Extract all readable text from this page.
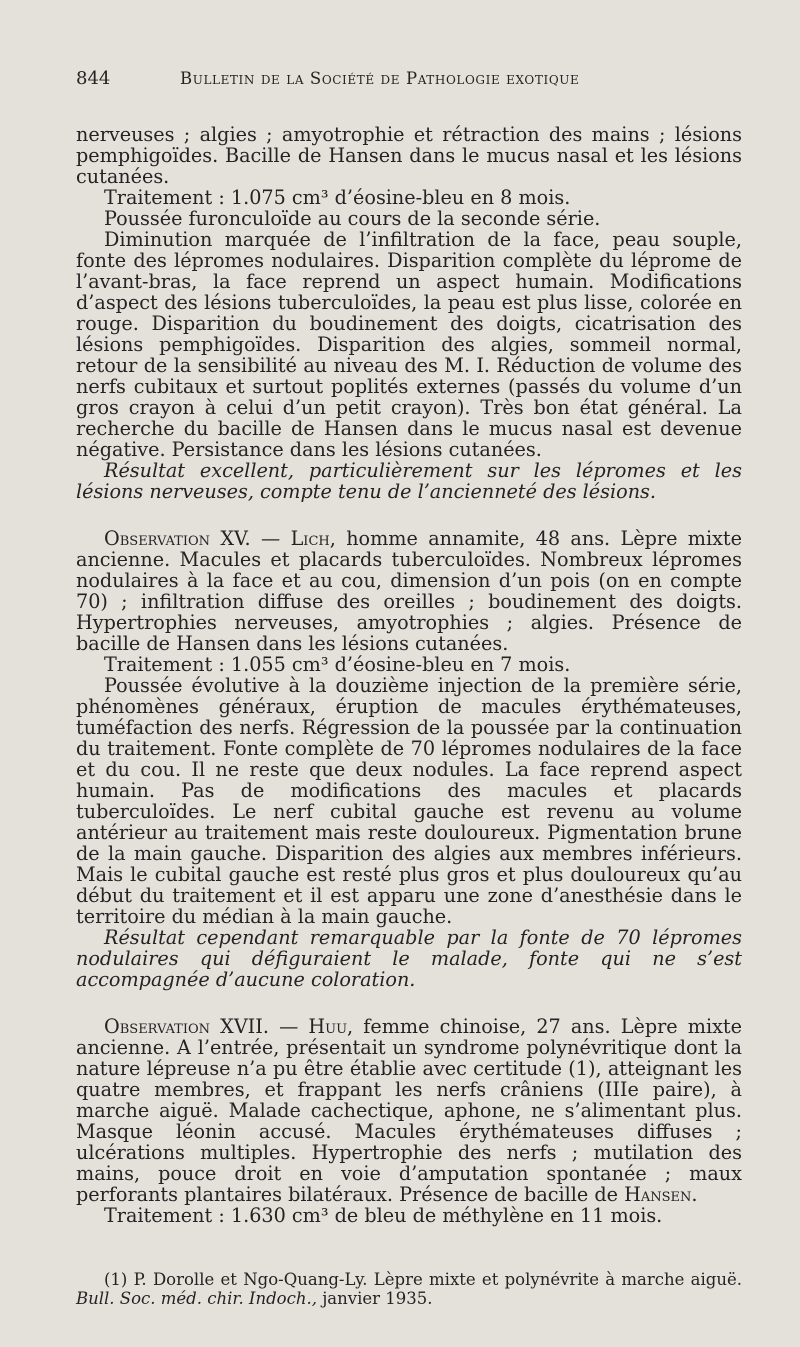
844	Bulletin de la Société de Pathologie exotique

nerveuses ; algies ; amyotrophie et rétraction des mains ; lésions pemphigoïdes. Bacille de Hansen dans le mucus nasal et les lésions cutanées.

Traitement : 1.075 cm³ d’éosine-bleu en 8 mois.

Poussée furonculoïde au cours de la seconde série.

Diminution marquée de l’infiltration de la face, peau souple, fonte des lépromes nodulaires. Disparition complète du léprome de l’avant-bras, la face reprend un aspect humain. Modifications d’aspect des lésions tuberculoïdes, la peau est plus lisse, colorée en rouge. Disparition du boudinement des doigts, cicatrisation des lésions pemphigoïdes. Disparition des algies, sommeil normal, retour de la sensibilité au niveau des M. I. Réduction de volume des nerfs cubitaux et surtout poplités externes (passés du volume d’un gros crayon à celui d’un petit crayon). Très bon état général. La recherche du bacille de Hansen dans le mucus nasal est devenue négative. Persistance dans les lésions cutanées.

Résultat excellent, particulièrement sur les lépromes et les lésions nerveuses, compte tenu de l’ancienneté des lésions.

Observation XV. — Lich, homme annamite, 48 ans. Lèpre mixte ancienne. Macules et placards tuberculoïdes. Nombreux lépromes nodulaires à la face et au cou, dimension d’un pois (on en compte 70) ; infiltration diffuse des oreilles ; boudinement des doigts. Hypertrophies nerveuses, amyotrophies ; algies. Présence de bacille de Hansen dans les lésions cutanées.

Traitement : 1.055 cm³ d’éosine-bleu en 7 mois.

Poussée évolutive à la douzième injection de la première série, phénomènes généraux, éruption de macules érythémateuses, tuméfaction des nerfs. Régression de la poussée par la continuation du traitement. Fonte complète de 70 lépromes nodulaires de la face et du cou. Il ne reste que deux nodules. La face reprend aspect humain. Pas de modifications des macules et placards tuberculoïdes. Le nerf cubital gauche est revenu au volume antérieur au traitement mais reste douloureux. Pigmentation brune de la main gauche. Disparition des algies aux membres inférieurs. Mais le cubital gauche est resté plus gros et plus douloureux qu’au début du traitement et il est apparu une zone d’anesthésie dans le territoire du médian à la main gauche.

Résultat cependant remarquable par la fonte de 70 lépromes nodulaires qui défiguraient le malade, fonte qui ne s’est accompagnée d’aucune coloration.

Observation XVII. — Huu, femme chinoise, 27 ans. Lèpre mixte ancienne. A l’entrée, présentait un syndrome polynévritique dont la nature lépreuse n’a pu être établie avec certitude (1), atteignant les quatre membres, et frappant les nerfs crâniens (IIIe paire), à marche aiguë. Malade cachectique, aphone, ne s’alimentant plus. Masque léonin accusé. Macules érythémateuses diffuses ; ulcérations multiples. Hypertrophie des nerfs ; mutilation des mains, pouce droit en voie d’amputation spontanée ; maux perforants plantaires bilatéraux. Présence de bacille de Hansen.

Traitement : 1.630 cm³ de bleu de méthylène en 11 mois.

(1) P. Dorolle et Ngo-Quang-Ly. Lèpre mixte et polynévrite à marche aiguë. Bull. Soc. méd. chir. Indoch., janvier 1935.
